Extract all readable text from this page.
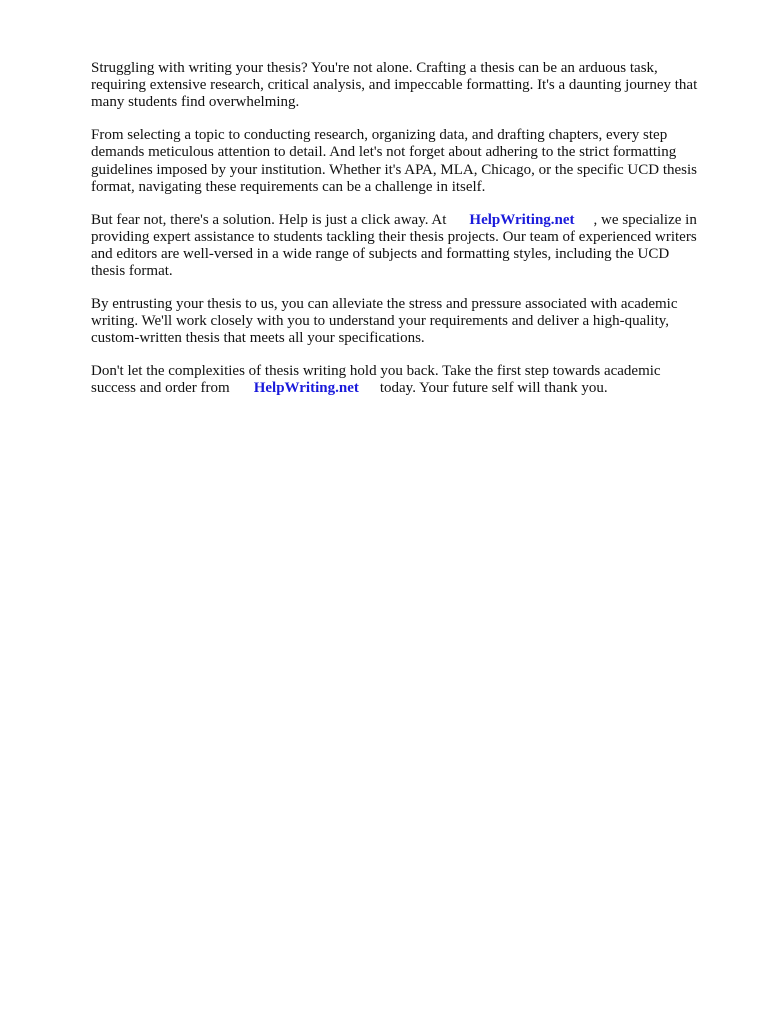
Struggling with writing your thesis? You're not alone. Crafting a thesis can be an arduous task,
requiring extensive research, critical analysis, and impeccable formatting. It's a daunting journey that
many students find overwhelming.

From selecting a topic to conducting research, organizing data, and drafting chapters, every step
demands meticulous attention to detail. And let's not forget about adhering to the strict formatting
guidelines imposed by your institution. Whether it's APA, MLA, Chicago, or the specific UCD thesis
format, navigating these requirements can be a challenge in itself.

But fear not, there's a solution. Help is just a click away. At HelpWriting.net , we specialize in
providing expert assistance to students tackling their thesis projects. Our team of experienced writers
and editors are well-versed in a wide range of subjects and formatting styles, including the UCD
thesis format.

By entrusting your thesis to us, you can alleviate the stress and pressure associated with academic
writing. We'll work closely with you to understand your requirements and deliver a high-quality,
custom-written thesis that meets all your specifications.

Don't let the complexities of thesis writing hold you back. Take the first step towards academic
success and order from HelpWriting.net today. Your future self will thank you.
